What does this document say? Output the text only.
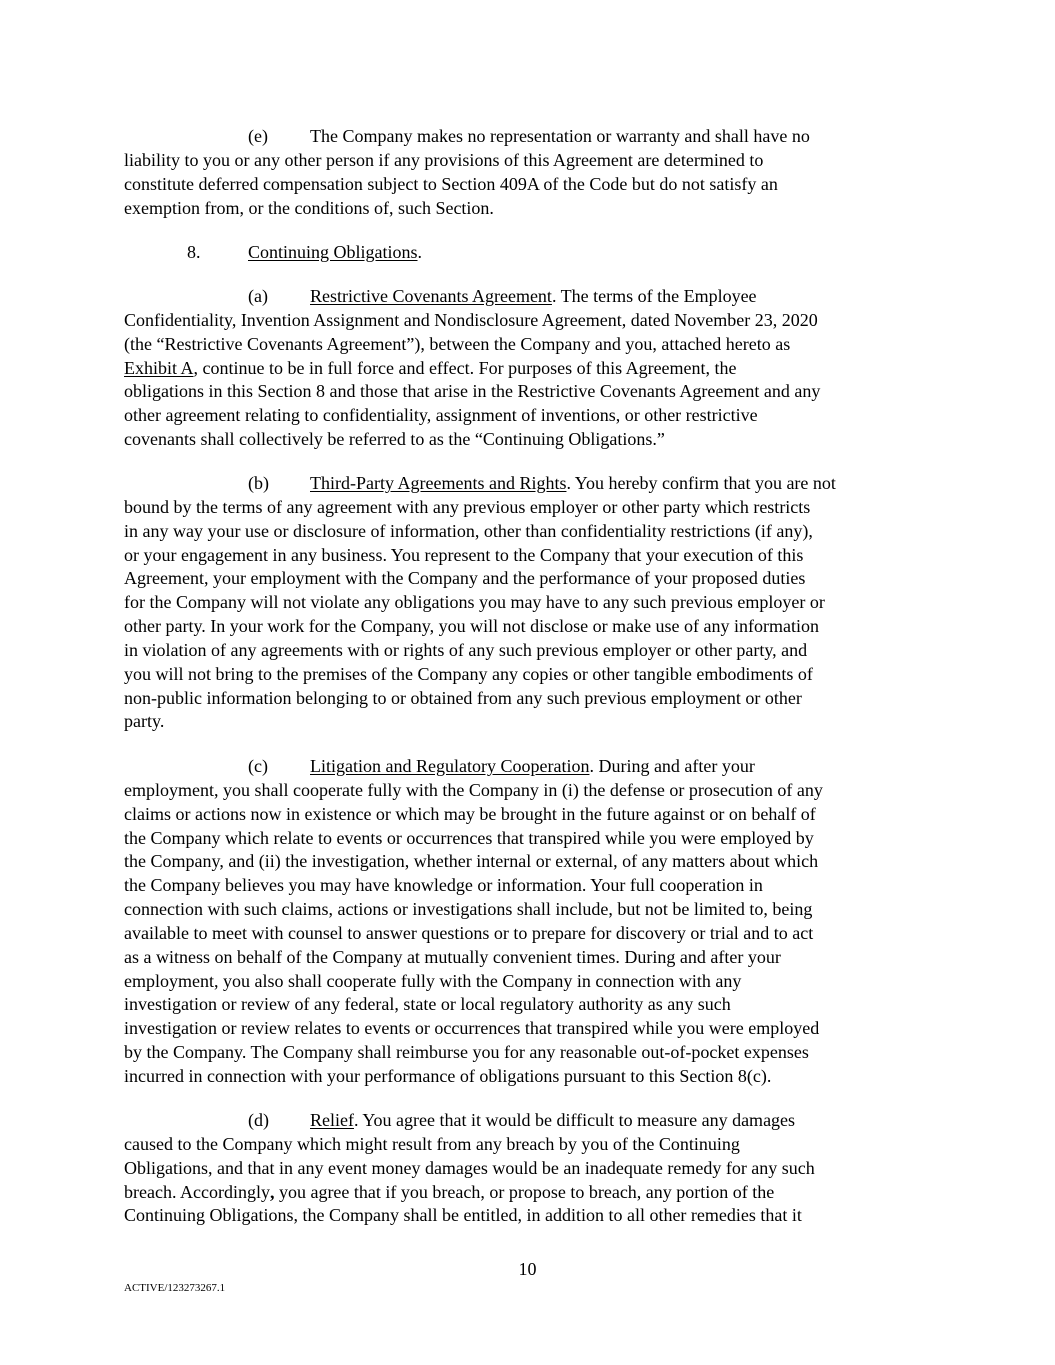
(e) The Company makes no representation or warranty and shall have no
liability to you or any other person if any provisions of this Agreement are determined to
constitute deferred compensation subject to Section 409A of the Code but do not satisfy an
exemption from, or the conditions of, such Section.
8.	Continuing Obligations.
(a) Restrictive Covenants Agreement. The terms of the Employee
Confidentiality, Invention Assignment and Nondisclosure Agreement, dated November 23, 2020
(the “Restrictive Covenants Agreement”), between the Company and you, attached hereto as
Exhibit A, continue to be in full force and effect. For purposes of this Agreement, the
obligations in this Section 8 and those that arise in the Restrictive Covenants Agreement and any
other agreement relating to confidentiality, assignment of inventions, or other restrictive
covenants shall collectively be referred to as the “Continuing Obligations.”
(b) Third-Party Agreements and Rights. You hereby confirm that you are not
bound by the terms of any agreement with any previous employer or other party which restricts
in any way your use or disclosure of information, other than confidentiality restrictions (if any),
or your engagement in any business. You represent to the Company that your execution of this
Agreement, your employment with the Company and the performance of your proposed duties
for the Company will not violate any obligations you may have to any such previous employer or
other party. In your work for the Company, you will not disclose or make use of any information
in violation of any agreements with or rights of any such previous employer or other party, and
you will not bring to the premises of the Company any copies or other tangible embodiments of
non-public information belonging to or obtained from any such previous employment or other
party.
(c) Litigation and Regulatory Cooperation. During and after your
employment, you shall cooperate fully with the Company in (i) the defense or prosecution of any
claims or actions now in existence or which may be brought in the future against or on behalf of
the Company which relate to events or occurrences that transpired while you were employed by
the Company, and (ii) the investigation, whether internal or external, of any matters about which
the Company believes you may have knowledge or information. Your full cooperation in
connection with such claims, actions or investigations shall include, but not be limited to, being
available to meet with counsel to answer questions or to prepare for discovery or trial and to act
as a witness on behalf of the Company at mutually convenient times. During and after your
employment, you also shall cooperate fully with the Company in connection with any
investigation or review of any federal, state or local regulatory authority as any such
investigation or review relates to events or occurrences that transpired while you were employed
by the Company. The Company shall reimburse you for any reasonable out-of-pocket expenses
incurred in connection with your performance of obligations pursuant to this Section 8(c).
(d) Relief. You agree that it would be difficult to measure any damages
caused to the Company which might result from any breach by you of the Continuing
Obligations, and that in any event money damages would be an inadequate remedy for any such
breach. Accordingly, you agree that if you breach, or propose to breach, any portion of the
Continuing Obligations, the Company shall be entitled, in addition to all other remedies that it
10
ACTIVE/123273267.1
